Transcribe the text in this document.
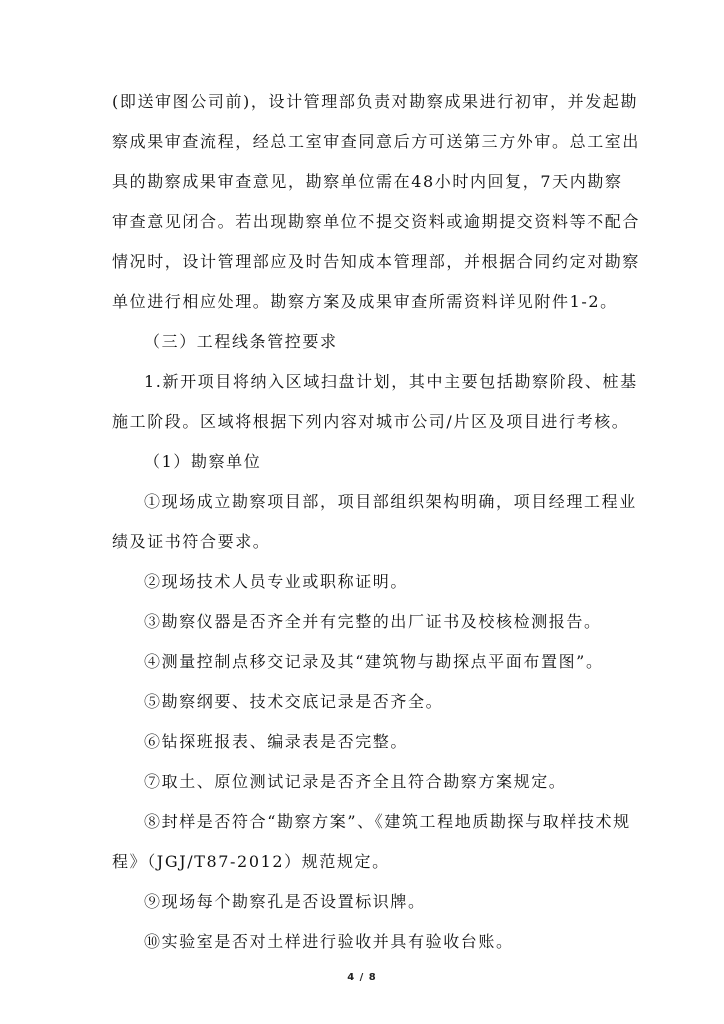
(即送审图公司前)，设计管理部负责对勘察成果进行初审，并发起勘
察成果审查流程，经总工室审查同意后方可送第三方外审。总工室出
具的勘察成果审查意见，勘察单位需在48小时内回复，7天内勘察
审查意见闭合。若出现勘察单位不提交资料或逾期提交资料等不配合
情况时，设计管理部应及时告知成本管理部，并根据合同约定对勘察
单位进行相应处理。勘察方案及成果审查所需资料详见附件1-2。
（三）工程线条管控要求
1.新开项目将纳入区域扫盘计划，其中主要包括勘察阶段、桩基
施工阶段。区域将根据下列内容对城市公司/片区及项目进行考核。
（1）勘察单位
①现场成立勘察项目部，项目部组织架构明确，项目经理工程业
绩及证书符合要求。
②现场技术人员专业或职称证明。
③勘察仪器是否齐全并有完整的出厂证书及校核检测报告。
④测量控制点移交记录及其“建筑物与勘探点平面布置图”。
⑤勘察纲要、技术交底记录是否齐全。
⑥钻探班报表、编录表是否完整。
⑦取土、原位测试记录是否齐全且符合勘察方案规定。
⑧封样是否符合“勘察方案”、《建筑工程地质勘探与取样技术规
程》（JGJ/T87-2012）规范规定。
⑨现场每个勘察孔是否设置标识牌。
⑩实验室是否对土样进行验收并具有验收台账。
4 / 8
